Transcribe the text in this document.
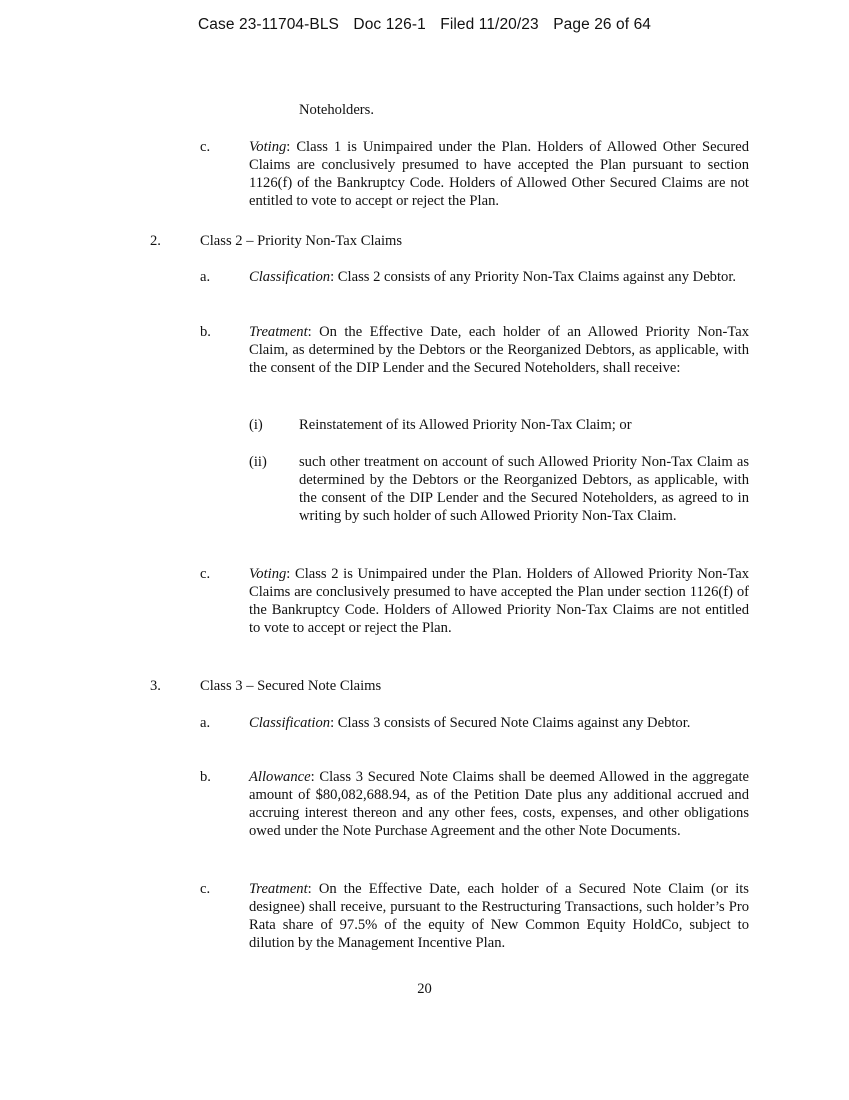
Case 23-11704-BLS Doc 126-1 Filed 11/20/23 Page 26 of 64
Noteholders.
c.	Voting: Class 1 is Unimpaired under the Plan. Holders of Allowed Other Secured Claims are conclusively presumed to have accepted the Plan pursuant to section 1126(f) of the Bankruptcy Code. Holders of Allowed Other Secured Claims are not entitled to vote to accept or reject the Plan.
2.	Class 2 – Priority Non-Tax Claims
a.	Classification: Class 2 consists of any Priority Non-Tax Claims against any Debtor.
b.	Treatment: On the Effective Date, each holder of an Allowed Priority Non-Tax Claim, as determined by the Debtors or the Reorganized Debtors, as applicable, with the consent of the DIP Lender and the Secured Noteholders, shall receive:
(i) Reinstatement of its Allowed Priority Non-Tax Claim; or
(ii) such other treatment on account of such Allowed Priority Non-Tax Claim as determined by the Debtors or the Reorganized Debtors, as applicable, with the consent of the DIP Lender and the Secured Noteholders, as agreed to in writing by such holder of such Allowed Priority Non-Tax Claim.
c.	Voting: Class 2 is Unimpaired under the Plan. Holders of Allowed Priority Non-Tax Claims are conclusively presumed to have accepted the Plan under section 1126(f) of the Bankruptcy Code. Holders of Allowed Priority Non-Tax Claims are not entitled to vote to accept or reject the Plan.
3.	Class 3 – Secured Note Claims
a.	Classification: Class 3 consists of Secured Note Claims against any Debtor.
b.	Allowance: Class 3 Secured Note Claims shall be deemed Allowed in the aggregate amount of $80,082,688.94, as of the Petition Date plus any additional accrued and accruing interest thereon and any other fees, costs, expenses, and other obligations owed under the Note Purchase Agreement and the other Note Documents.
c.	Treatment: On the Effective Date, each holder of a Secured Note Claim (or its designee) shall receive, pursuant to the Restructuring Transactions, such holder’s Pro Rata share of 97.5% of the equity of New Common Equity HoldCo, subject to dilution by the Management Incentive Plan.
20
